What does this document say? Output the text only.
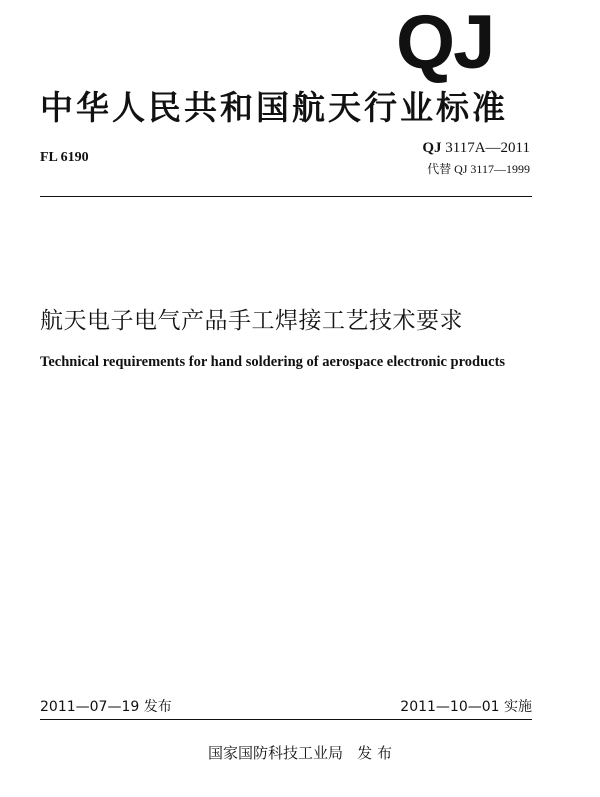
QJ
中华人民共和国航天行业标准
FL 6190
QJ 3117A—2011
代替 QJ 3117—1999
航天电子电气产品手工焊接工艺技术要求
Technical requirements for hand soldering of aerospace electronic products
2011—07—19 发布	2011—10—01 实施
国家国防科技工业局 发 布
